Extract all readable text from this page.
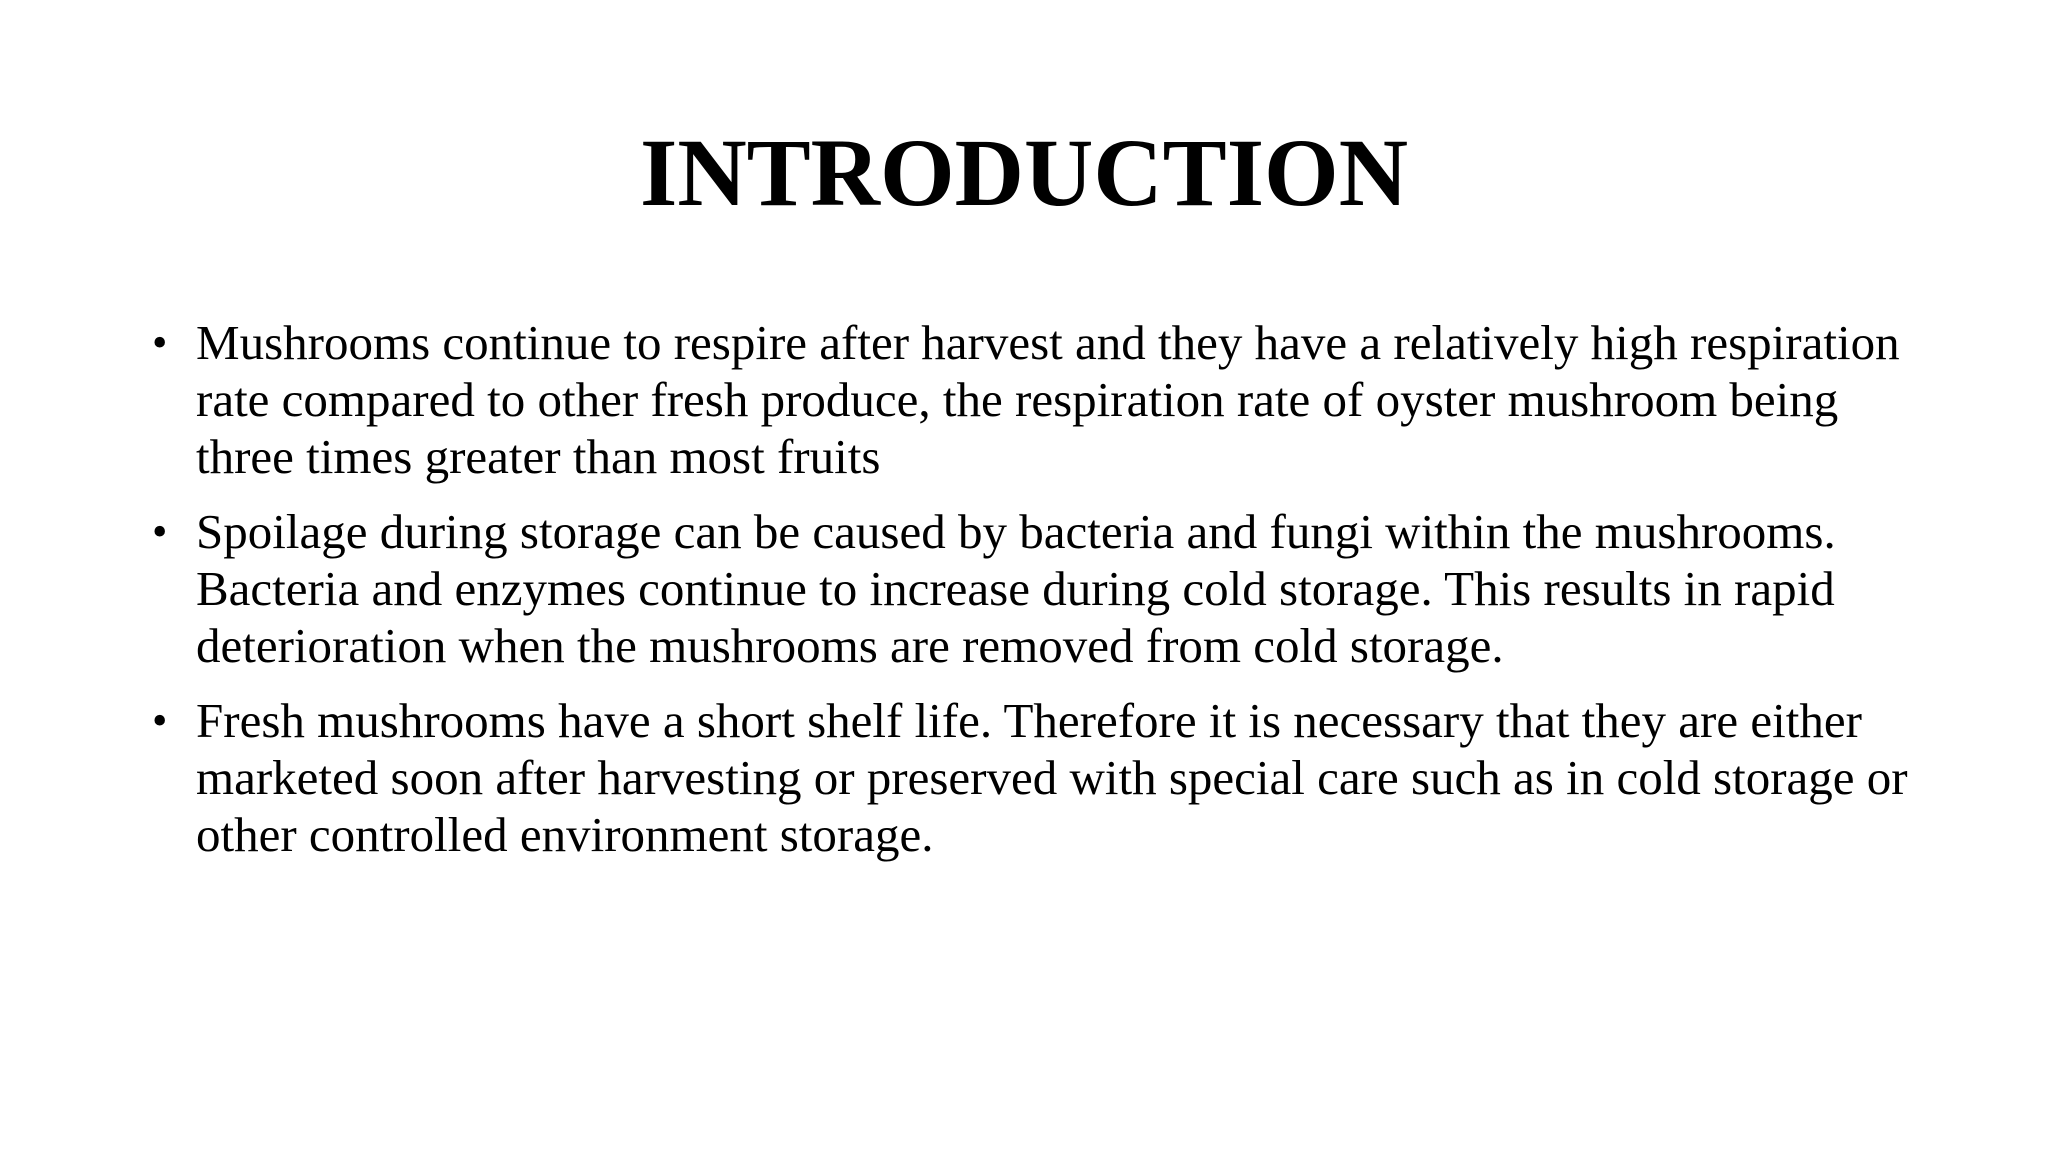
INTRODUCTION
• Mushrooms continue to respire after harvest and they have a relatively high respiration rate compared to other fresh produce, the respiration rate of oyster mushroom being three times greater than most fruits
• Spoilage during storage can be caused by bacteria and fungi within the mushrooms. Bacteria and enzymes continue to increase during cold storage. This results in rapid deterioration when the mushrooms are removed from cold storage.
• Fresh mushrooms have a short shelf life. Therefore it is necessary that they are either marketed soon after harvesting or preserved with special care such as in cold storage or other controlled environment storage.
